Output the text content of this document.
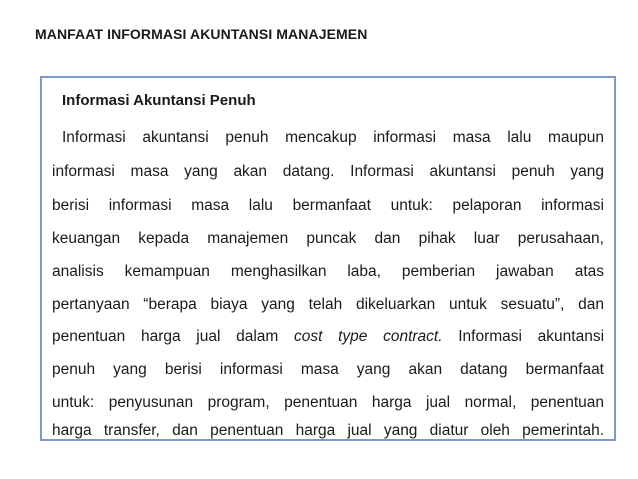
MANFAAT INFORMASI AKUNTANSI MANAJEMEN
Informasi Akuntansi Penuh
Informasi akuntansi penuh mencakup informasi masa lalu maupun
informasi masa yang akan datang. Informasi akuntansi penuh yang
berisi informasi masa lalu bermanfaat untuk: pelaporan informasi
keuangan kepada manajemen puncak dan pihak luar perusahaan,
analisis kemampuan menghasilkan laba, pemberian jawaban atas
pertanyaan “berapa biaya yang telah dikeluarkan untuk sesuatu”, dan
penentuan harga jual dalam cost type contract. Informasi akuntansi
penuh yang berisi informasi masa yang akan datang bermanfaat
untuk: penyusunan program, penentuan harga jual normal, penentuan
harga transfer, dan penentuan harga jual yang diatur oleh pemerintah.
